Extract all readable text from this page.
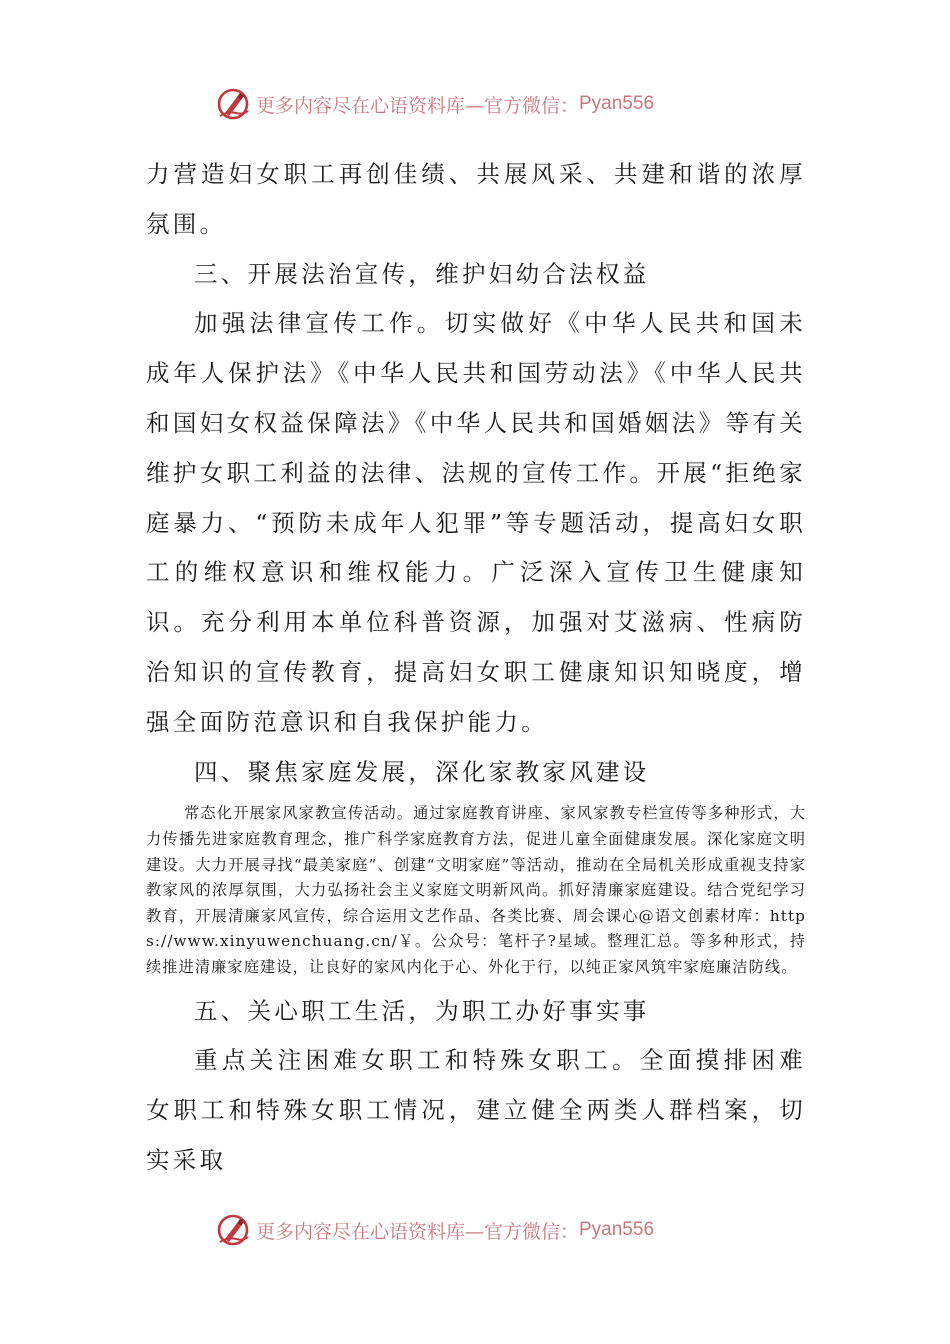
更多内容尽在心语资料库—官方微信： Pyan556

力营造妇女职工再创佳绩、共展风采、共建和谐的浓厚氛围。

三、开展法治宣传，维护妇幼合法权益

加强法律宣传工作。切实做好《中华人民共和国未成年人保护法》《中华人民共和国劳动法》《中华人民共和国妇女权益保障法》《中华人民共和国婚姻法》等有关维护女职工利益的法律、法规的宣传工作。开展“拒绝家庭暴力、“预防未成年人犯罪”等专题活动，提高妇女职工的维权意识和维权能力。广泛深入宣传卫生健康知识。充分利用本单位科普资源，加强对艾滋病、性病防治知识的宣传教育，提高妇女职工健康知识知晓度，增强全面防范意识和自我保护能力。

四、聚焦家庭发展，深化家教家风建设

常态化开展家风家教宣传活动。通过家庭教育讲座、家风家教专栏宣传等多种形式，大力传播先进家庭教育理念，推广科学家庭教育方法，促进儿童全面健康发展。深化家庭文明建设。大力开展寻找“最美家庭”、创建“文明家庭”等活动，推动在全局机关形成重视支持家教家风的浓厚氛围，大力弘扬社会主义家庭文明新风尚。抓好清廉家庭建设。结合党纪学习教育，开展清廉家风宣传，综合运用文艺作品、各类比赛、周会课心@语文创素材库：https://www.xinyuwenchuang.cn/￥。公众号：笔杆子?星域。整理汇总。等多种形式，持续推进清廉家庭建设，让良好的家风内化于心、外化于行，以纯正家风筑牢家庭廉洁防线。

五、关心职工生活，为职工办好事实事

重点关注困难女职工和特殊女职工。全面摸排困难女职工和特殊女职工情况，建立健全两类人群档案，切实采取

更多内容尽在心语资料库—官方微信： Pyan556
